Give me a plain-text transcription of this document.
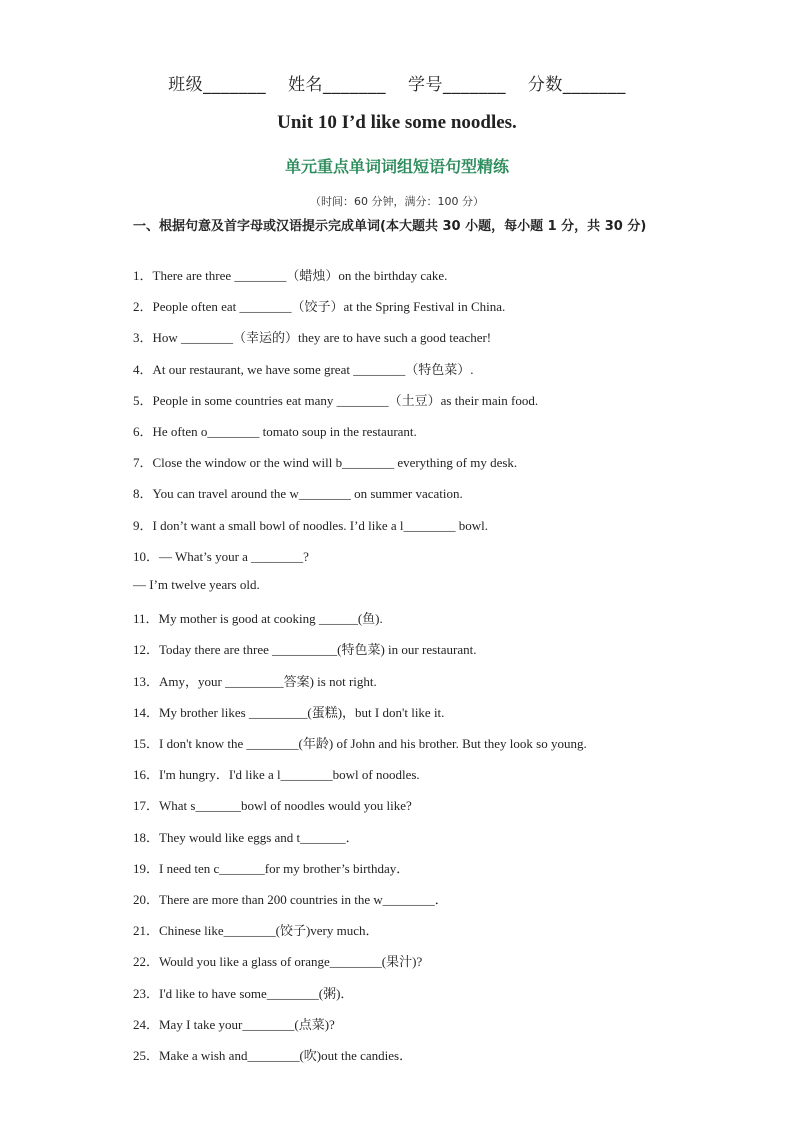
班级_______ 姓名_______ 学号_______ 分数_______
Unit 10 I’d like some noodles.
单元重点单词词组短语句型精练
（时间：60 分钟，满分：100 分）
一、根据句意及首字母或汉语提示完成单词(本大题共 30 小题，每小题 1 分，共 30 分)
1．There are three ________（蜡烛）on the birthday cake.
2．People often eat ________（饺子）at the Spring Festival in China.
3．How ________（幸运的）they are to have such a good teacher!
4．At our restaurant, we have some great ________（特色菜）.
5．People in some countries eat many ________（土豆）as their main food.
6．He often o________ tomato soup in the restaurant.
7．Close the window or the wind will b________ everything of my desk.
8．You can travel around the w________ on summer vacation.
9．I don’t want a small bowl of noodles. I’d like a l________ bowl.
10．— What’s your a ________?
— I’m twelve years old.
11．My mother is good at cooking ______(鱼).
12．Today there are three __________(特色菜) in our restaurant.
13．Amy，your _________答案) is not right.
14．My brother likes _________(蛋糕)，but I don't like it.
15．I don't know the ________(年龄) of John and his brother. But they look so young.
16．I'm hungry．I'd like a l________bowl of noodles.
17．What s_______bowl of noodles would you like?
18．They would like eggs and t_______．
19．I need ten c_______for my brother’s birthday．
20．There are more than 200 countries in the w________．
21．Chinese like________(饺子)very much．
22．Would you like a glass of orange________(果汁)?
23．I'd like to have some________(粥)．
24．May I take your________(点菜)?
25．Make a wish and________(吹)out the candies．
